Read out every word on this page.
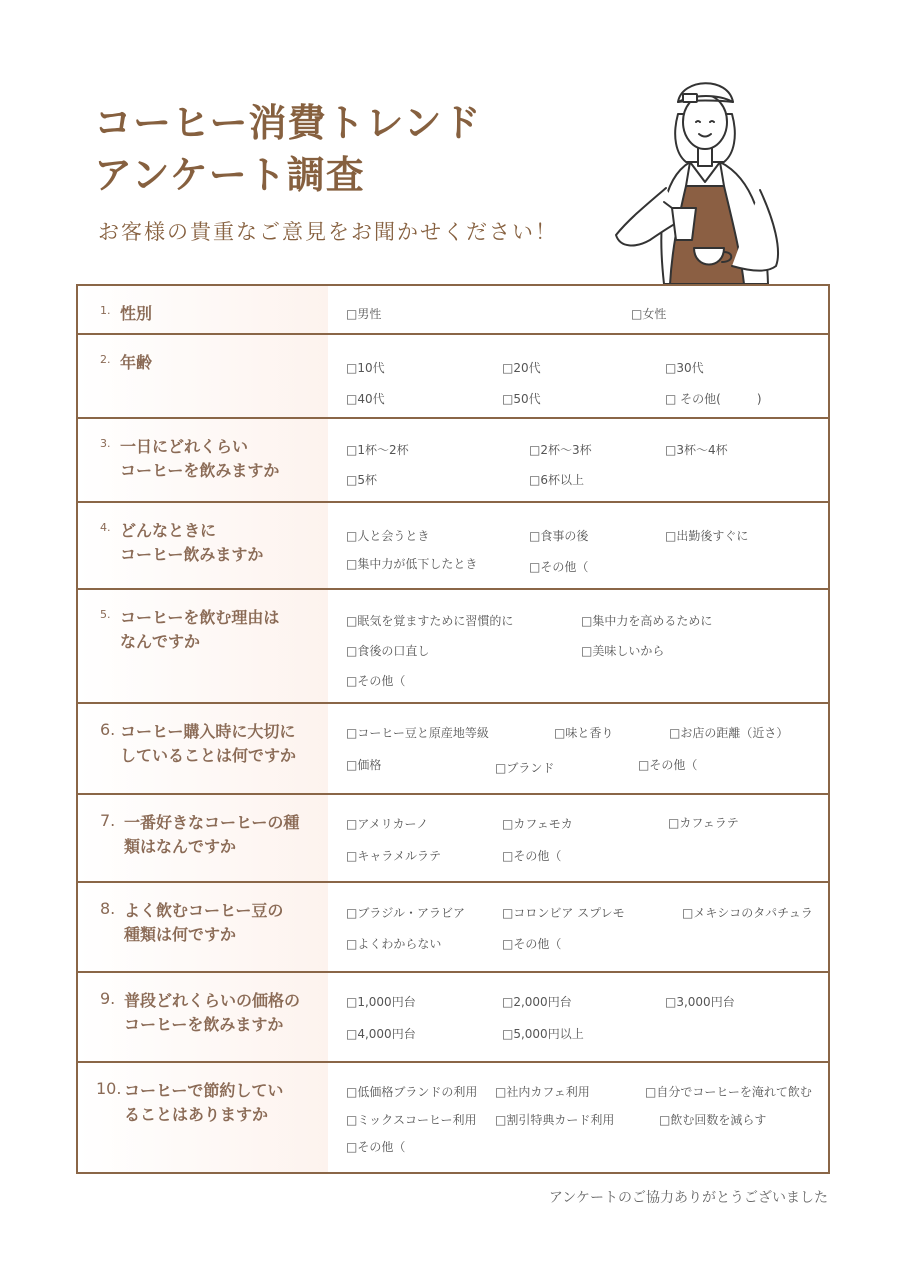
コーヒー消費トレンド
アンケート調査
お客様の貴重なご意見をお聞かせください！
1. 性別	□男性	□女性
2. 年齢	□10代	□20代	□30代
□40代	□50代	□ その他(　　　)
3. 一日にどれくらい
コーヒーを飲みますか
□1杯〜2杯	□2杯〜3杯	□3杯〜4杯
□5杯	□6杯以上
4. どんなときに
コーヒー飲みますか
□人と会うとき	□食事の後	□出勤後すぐに
□集中力が低下したとき	□その他（
5. コーヒーを飲む理由は
なんですか
□眠気を覚ますために習慣的に	□集中力を高めるために
□食後の口直し	□美味しいから
□その他（
6. コーヒー購入時に大切に
していることは何ですか
□コーヒー豆と原産地等級	□味と香り	□お店の距離（近さ）
□価格	□ブランド	□その他（
7. 一番好きなコーヒーの種
類はなんですか
□アメリカーノ	□カフェモカ	□カフェラテ
□キャラメルラテ	□その他（
8. よく飲むコーヒー豆の
種類は何ですか
□ブラジル・アラビア	□コロンビア スプレモ	□メキシコのタパチュラ
□よくわからない	□その他（
9. 普段どれくらいの価格の
コーヒーを飲みますか
□1,000円台	□2,000円台	□3,000円台
□4,000円台	□5,000円以上
10. コーヒーで節約してい
ることはありますか
□低価格ブランドの利用 □社内カフェ利用	□自分でコーヒーを淹れて飲む
□ミックスコーヒー利用 □割引特典カード利用	□飲む回数を減らす
□その他（
アンケートのご協力ありがとうございました
